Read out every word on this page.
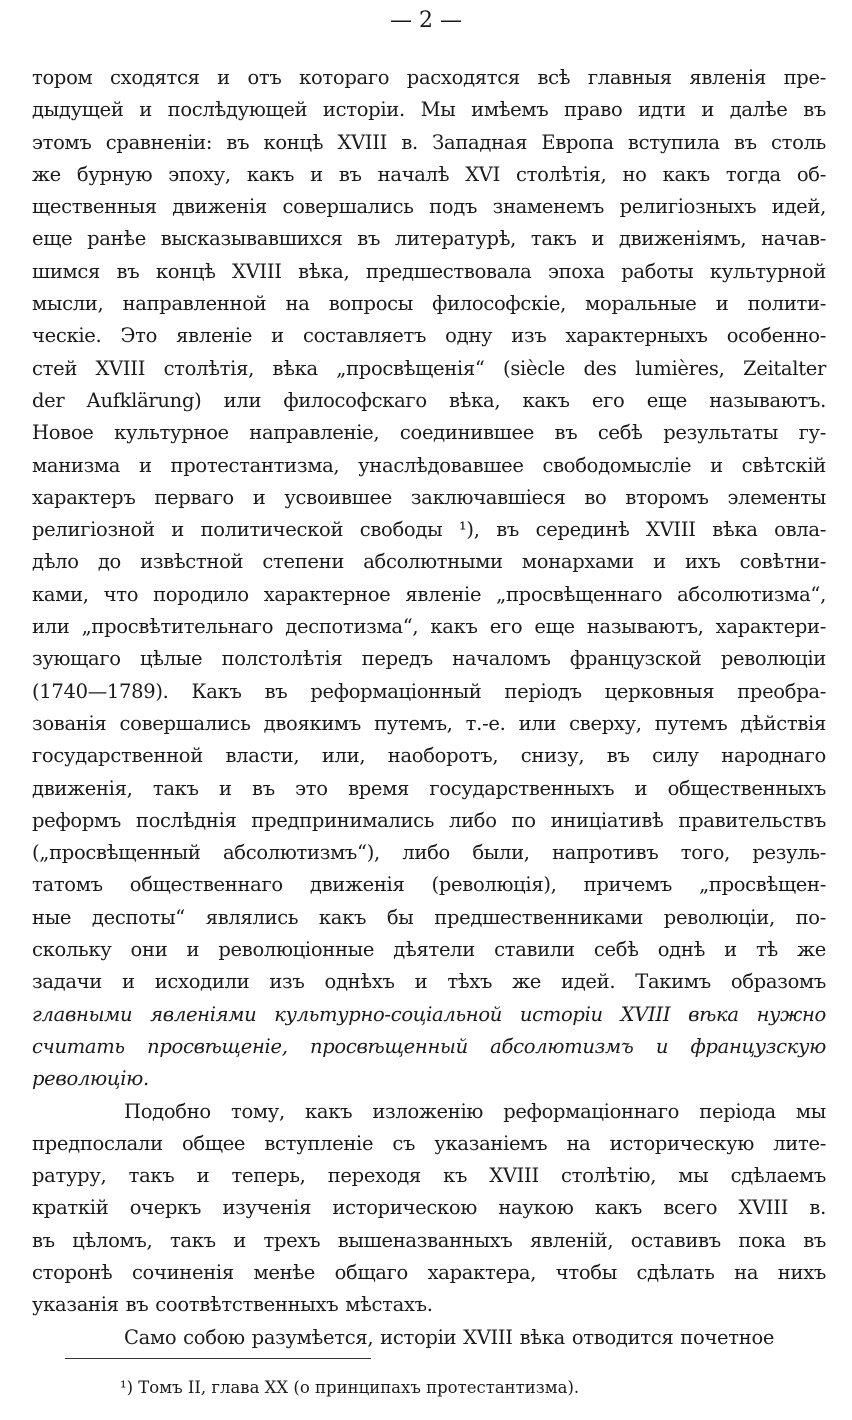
— 2 —
тором сходятся и отъ котораго расходятся всѣ главныя явленія пре-
дыдущей и послѣдующей исторіи. Мы имѣемъ право идти и далѣе въ
этомъ сравненіи: въ концѣ XVIII в. Западная Европа вступила въ столь
же бурную эпоху, какъ и въ началѣ XVI столѣтія, но какъ тогда об-
щественныя движенія совершались подъ знаменемъ религіозныхъ идей,
еще ранѣе высказывавшихся въ литературѣ, такъ и движеніямъ, начав-
шимся въ концѣ XVIII вѣка, предшествовала эпоха работы культурной
мысли, направленной на вопросы философскіе, моральные и полити-
ческіе. Это явленіе и составляетъ одну изъ характерныхъ особенно-
стей XVIII столѣтія, вѣка „просвѣщенія“ (siècle des lumières, Zeitalter
der Aufklärung) или философскаго вѣка, какъ его еще называютъ.
Новое культурное направленіе, соединившее въ себѣ результаты гу-
манизма и протестантизма, унаслѣдовавшее свободомысліе и свѣтскій
характеръ перваго и усвоившее заключавшіеся во второмъ элементы
религіозной и политической свободы ¹), въ серединѣ XVIII вѣка овла-
дѣло до извѣстной степени абсолютными монархами и ихъ совѣтни-
ками, что породило характерное явленіе „просвѣщеннаго абсолютизма“,
или „просвѣтительнаго деспотизма“, какъ его еще называютъ, характери-
зующаго цѣлые полстолѣтія передъ началомъ французской революціи
(1740—1789). Какъ въ реформаціонный періодъ церковныя преобра-
зованія совершались двоякимъ путемъ, т.-е. или сверху, путемъ дѣйствія
государственной власти, или, наоборотъ, снизу, въ силу народнаго
движенія, такъ и въ это время государственныхъ и общественныхъ
реформъ послѣднія предпринимались либо по иниціативѣ правительствъ
(„просвѣщенный абсолютизмъ“), либо были, напротивъ того, резуль-
татомъ общественнаго движенія (революція), причемъ „просвѣщен-
ные деспоты“ являлись какъ бы предшественниками революціи, по-
скольку они и революціонные дѣятели ставили себѣ однѣ и тѣ же
задачи и исходили изъ однѣхъ и тѣхъ же идей. Такимъ образомъ
главными явленіями культурно-соціальной исторіи XVIII вѣка нужно
считать просвѣщеніе, просвѣщенный абсолютизмъ и французскую
революцію.
Подобно тому, какъ изложенію реформаціоннаго періода мы
предпослали общее вступленіе съ указаніемъ на историческую лите-
ратуру, такъ и теперь, переходя къ XVIII столѣтію, мы сдѣлаемъ
краткій очеркъ изученія историческою наукою какъ всего XVIII в.
въ цѣломъ, такъ и трехъ вышеназванныхъ явленій, оставивъ пока въ
сторонѣ сочиненія менѣе общаго характера, чтобы сдѣлать на нихъ
указанія въ соотвѣтственныхъ мѣстахъ.
Само собою разумѣется, исторіи XVIII вѣка отводится почетное
¹) Томъ II, глава XX (о принципахъ протестантизма).
